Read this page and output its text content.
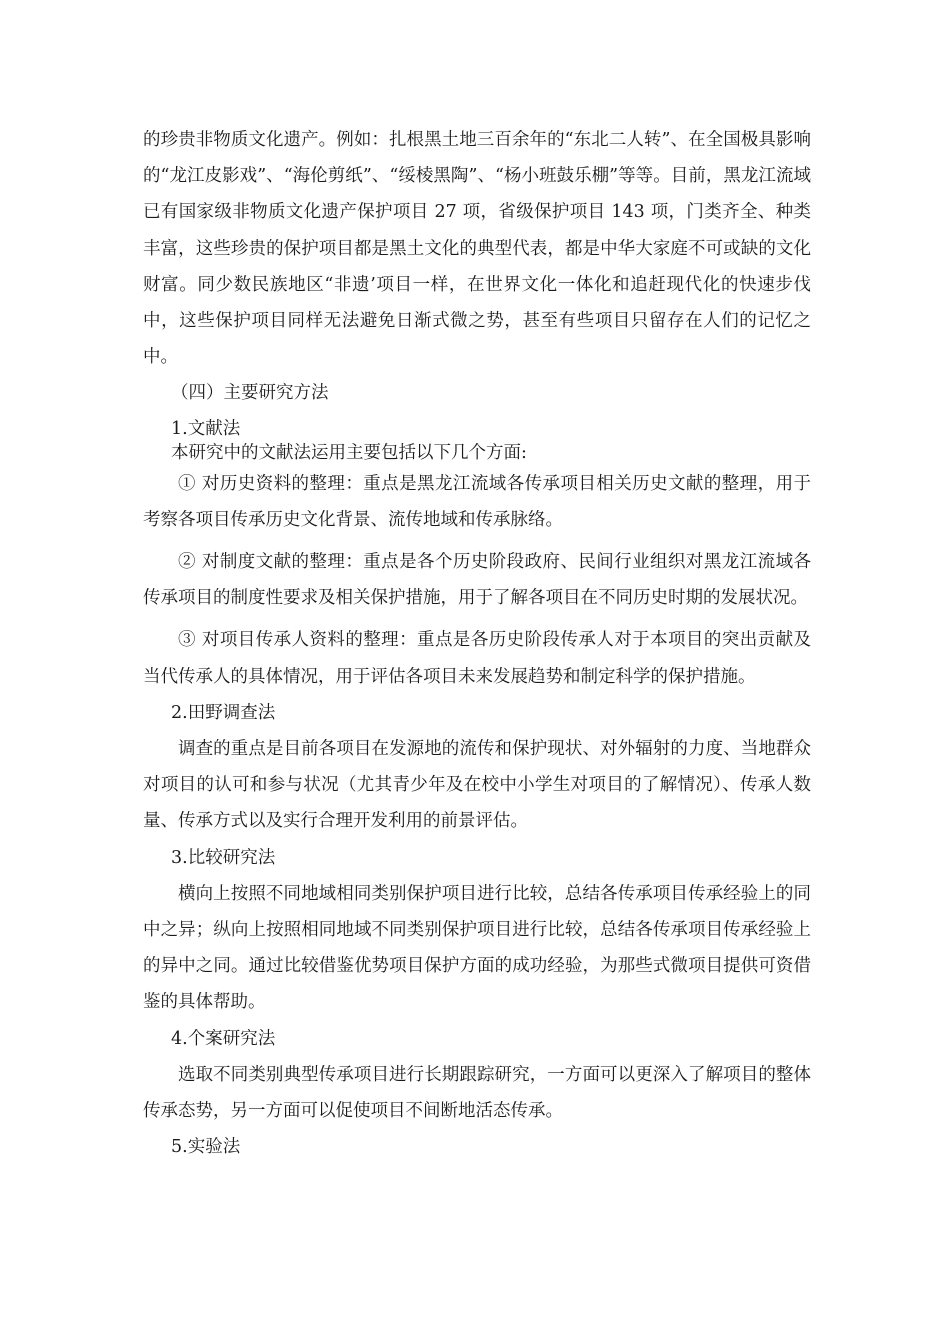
的珍贵非物质文化遗产。例如：扎根黑土地三百余年的“东北二人转”、在全国极具影响的“龙江皮影戏”、“海伦剪纸”、“绥棱黑陶”、“杨小班鼓乐棚”等等。目前，黑龙江流域已有国家级非物质文化遗产保护项目 27 项，省级保护项目 143 项，门类齐全、种类丰富，这些珍贵的保护项目都是黑土文化的典型代表，都是中华大家庭不可或缺的文化财富。同少数民族地区“非遗’项目一样，在世界文化一体化和追赶现代化的快速步伐中，这些保护项目同样无法避免日渐式微之势，甚至有些项目只留存在人们的记忆之中。

（四）主要研究方法

1.文献法

本研究中的文献法运用主要包括以下几个方面:

① 对历史资料的整理：重点是黑龙江流域各传承项目相关历史文献的整理，用于考察各项目传承历史文化背景、流传地域和传承脉络。

② 对制度文献的整理：重点是各个历史阶段政府、民间行业组织对黑龙江流域各传承项目的制度性要求及相关保护措施，用于了解各项目在不同历史时期的发展状况。

③ 对项目传承人资料的整理：重点是各历史阶段传承人对于本项目的突出贡献及当代传承人的具体情况，用于评估各项目未来发展趋势和制定科学的保护措施。

2.田野调查法

调查的重点是目前各项目在发源地的流传和保护现状、对外辐射的力度、当地群众对项目的认可和参与状况（尤其青少年及在校中小学生对项目的了解情况）、传承人数量、传承方式以及实行合理开发利用的前景评估。

3.比较研究法

横向上按照不同地域相同类别保护项目进行比较，总结各传承项目传承经验上的同中之异；纵向上按照相同地域不同类别保护项目进行比较，总结各传承项目传承经验上的异中之同。通过比较借鉴优势项目保护方面的成功经验，为那些式微项目提供可资借鉴的具体帮助。

4.个案研究法

选取不同类别典型传承项目进行长期跟踪研究，一方面可以更深入了解项目的整体传承态势，另一方面可以促使项目不间断地活态传承。

5.实验法
